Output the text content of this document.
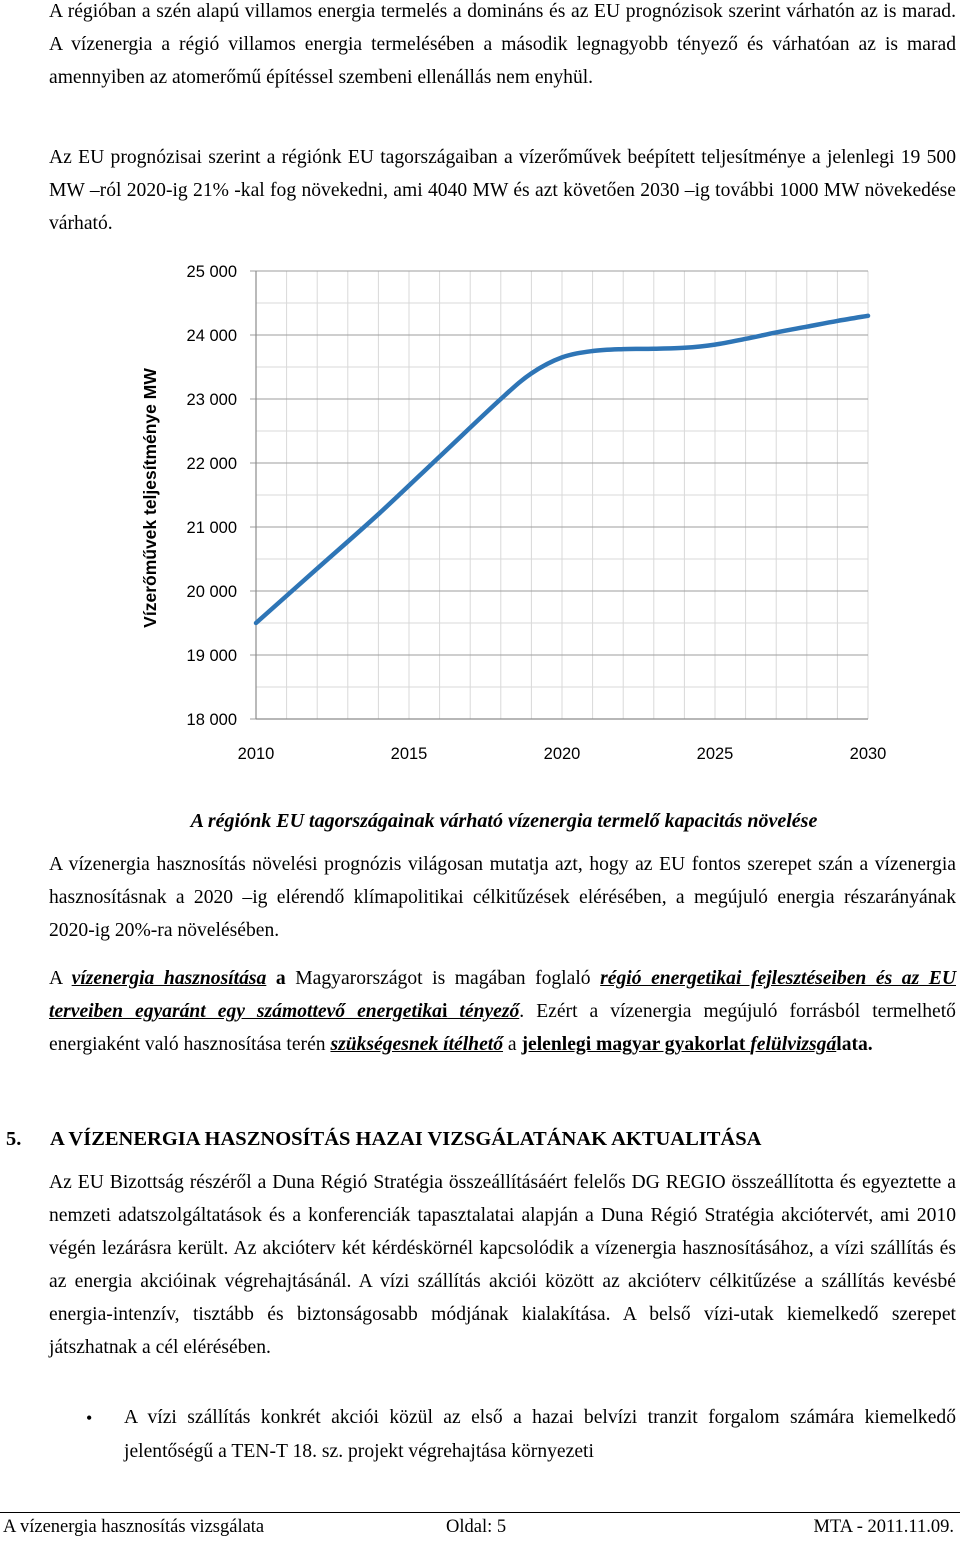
A régióban a szén alapú villamos energia termelés a domináns és az EU prognózisok szerint várhatón az is marad. A vízenergia a régió villamos energia termelésében a második legnagyobb tényező és várhatóan az is marad amennyiben az atomerőmű építéssel szembeni ellenállás nem enyhül.
Az EU prognózisai szerint a régiónk EU tagországaiban a vízerőművek beépített teljesítménye a jelenlegi 19 500 MW –ról 2020-ig 21% -kal fog növekedni, ami 4040 MW és azt követően 2030 –ig további 1000 MW növekedése várható.
25 000
24 000
23 000
22 000
21 000
20 000
19 000
18 000
2010	2015	2020	2025	2030
Vízerőművek teljesítménye MW
A régiónk EU tagországainak várható vízenergia termelő kapacitás növelése
A vízenergia hasznosítás növelési prognózis világosan mutatja azt, hogy az EU fontos szerepet szán a vízenergia hasznosításnak a 2020 –ig elérendő klímapolitikai célkitűzések elérésében, a megújuló energia részarányának 2020-ig 20%-ra növelésében.
A vízenergia hasznosítása a Magyarországot is magában foglaló régió energetikai fejlesztéseiben és az EU terveiben egyaránt egy számottevő energetikai tényező. Ezért a vízenergia megújuló forrásból termelhető energiaként való hasznosítása terén szükségesnek ítélhető a jelenlegi magyar gyakorlat felülvizsgálata.
5. A VÍZENERGIA HASZNOSÍTÁS HAZAI VIZSGÁLATÁNAK AKTUALITÁSA
Az EU Bizottság részéről a Duna Régió Stratégia összeállításáért felelős DG REGIO összeállította és egyeztette a nemzeti adatszolgáltatások és a konferenciák tapasztalatai alapján a Duna Régió Stratégia akciótervét, ami 2010 végén lezárásra került. Az akcióterv két kérdéskörnél kapcsolódik a vízenergia hasznosításához, a vízi szállítás és az energia akcióinak végrehajtásánál. A vízi szállítás akciói között az akcióterv célkitűzése a szállítás kevésbé energia-intenzív, tisztább és biztonságosabb módjának kialakítása. A belső vízi-utak kiemelkedő szerepet játszhatnak a cél elérésében.
•	A vízi szállítás konkrét akciói közül az első a hazai belvízi tranzit forgalom számára kiemelkedő jelentőségű a TEN-T 18. sz. projekt végrehajtása környezeti
A vízenergia hasznosítás vizsgálata	Oldal: 5	MTA - 2011.11.09.
